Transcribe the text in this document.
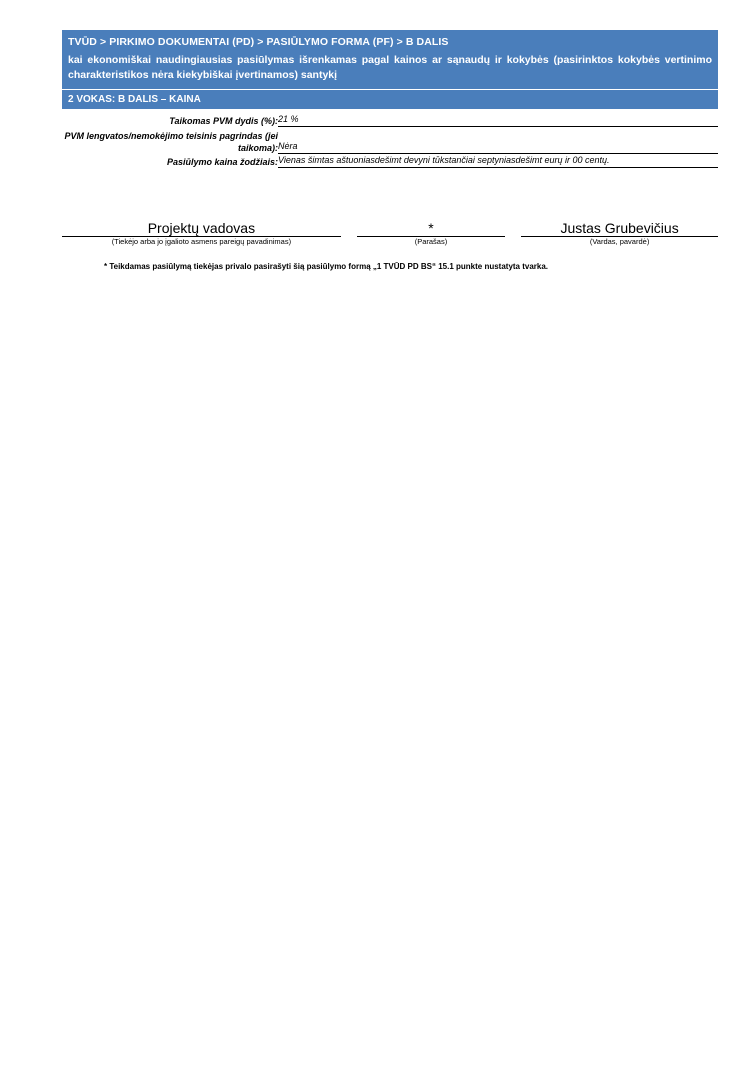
TVŪD > PIRKIMO DOKUMENTAI (PD) > PASIŪLYMO FORMA (PF) > B DALIS
kai ekonomiškai naudingiausias pasiūlymas išrenkamas pagal kainos ar sąnaudų ir kokybės (pasirinktos kokybės vertinimo charakteristikos nėra kiekybiškai įvertinamos) santykį
2 VOKAS: B DALIS – KAINA
Taikomas PVM dydis (%):	21 %
PVM lengvatos/nemokėjimo teisinis pagrindas (jei taikoma):	Nėra
Pasiūlymo kaina žodžiais:	Vienas šimtas aštuoniasdešimt devyni tūkstančiai septyniasdešimt eurų ir 00 centų.
Projektų vadovas		*		Justas Grubevičius
(Tiekėjo arba jo įgalioto asmens pareigų pavadinimas)		(Parašas)		(Vardas, pavardė)
* Teikdamas pasiūlymą tiekėjas privalo pasirašyti šią pasiūlymo formą „1 TVŪD PD BS“ 15.1 punkte nustatyta tvarka.
